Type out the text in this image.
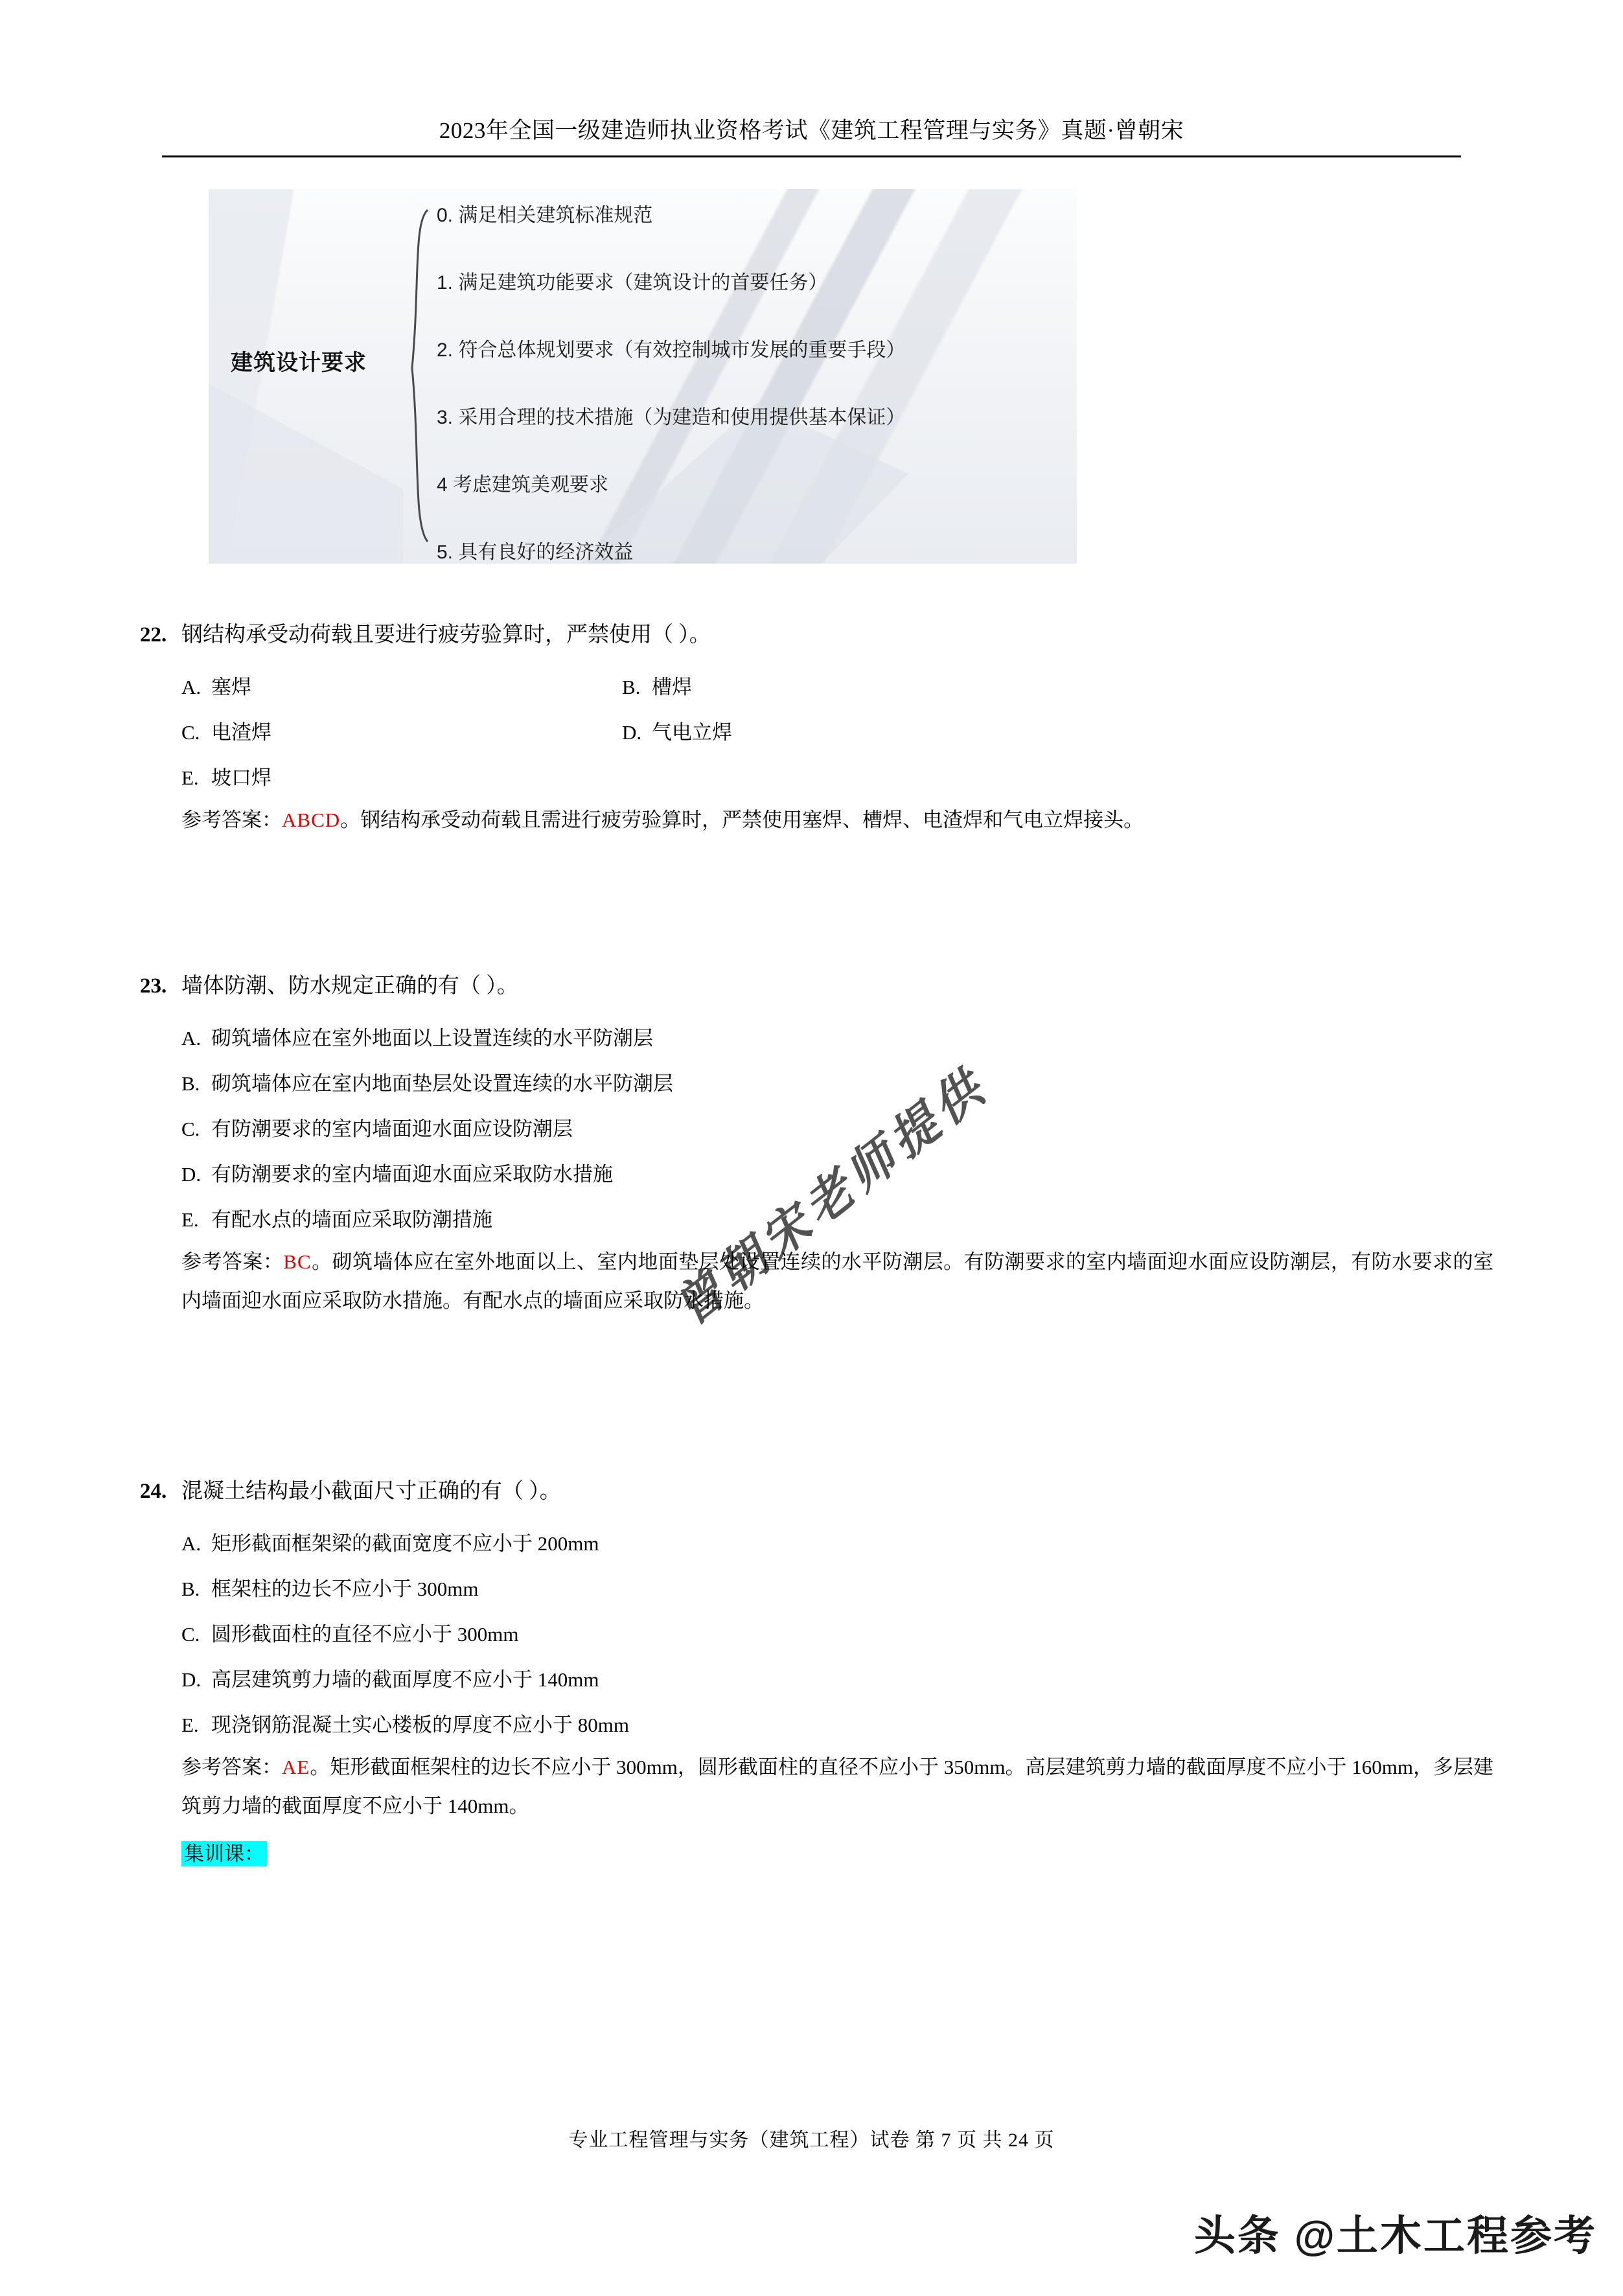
2023年全国一级建造师执业资格考试《建筑工程管理与实务》真题·曾朝宋
建筑设计要求
0. 满足相关建筑标准规范
1. 满足建筑功能要求（建筑设计的首要任务）
2. 符合总体规划要求（有效控制城市发展的重要手段）
3. 采用合理的技术措施（为建造和使用提供基本保证）
4 考虑建筑美观要求
5. 具有良好的经济效益
曾朝宋老师提供
22. 钢结构承受动荷载且要进行疲劳验算时，严禁使用（ ）。
A. 塞焊	B. 槽焊
C. 电渣焊	D. 气电立焊
E. 坡口焊
参考答案：ABCD。钢结构承受动荷载且需进行疲劳验算时，严禁使用塞焊、槽焊、电渣焊和气电立焊接头。
23. 墙体防潮、防水规定正确的有（ ）。
A. 砌筑墙体应在室外地面以上设置连续的水平防潮层
B. 砌筑墙体应在室内地面垫层处设置连续的水平防潮层
C. 有防潮要求的室内墙面迎水面应设防潮层
D. 有防潮要求的室内墙面迎水面应采取防水措施
E. 有配水点的墙面应采取防潮措施
参考答案：BC。砌筑墙体应在室外地面以上、室内地面垫层处设置连续的水平防潮层。有防潮要求的室内墙面迎水面应设防潮层，有防水要求的室内墙面迎水面应采取防水措施。有配水点的墙面应采取防水措施。
24. 混凝土结构最小截面尺寸正确的有（ ）。
A. 矩形截面框架梁的截面宽度不应小于 200mm
B. 框架柱的边长不应小于 300mm
C. 圆形截面柱的直径不应小于 300mm
D. 高层建筑剪力墙的截面厚度不应小于 140mm
E. 现浇钢筋混凝土实心楼板的厚度不应小于 80mm
参考答案：AE。矩形截面框架柱的边长不应小于 300mm，圆形截面柱的直径不应小于 350mm。高层建筑剪力墙的截面厚度不应小于 160mm，多层建筑剪力墙的截面厚度不应小于 140mm。
集训课：
专业工程管理与实务（建筑工程）试卷 第 7 页 共 24 页
头条 @土木工程参考
